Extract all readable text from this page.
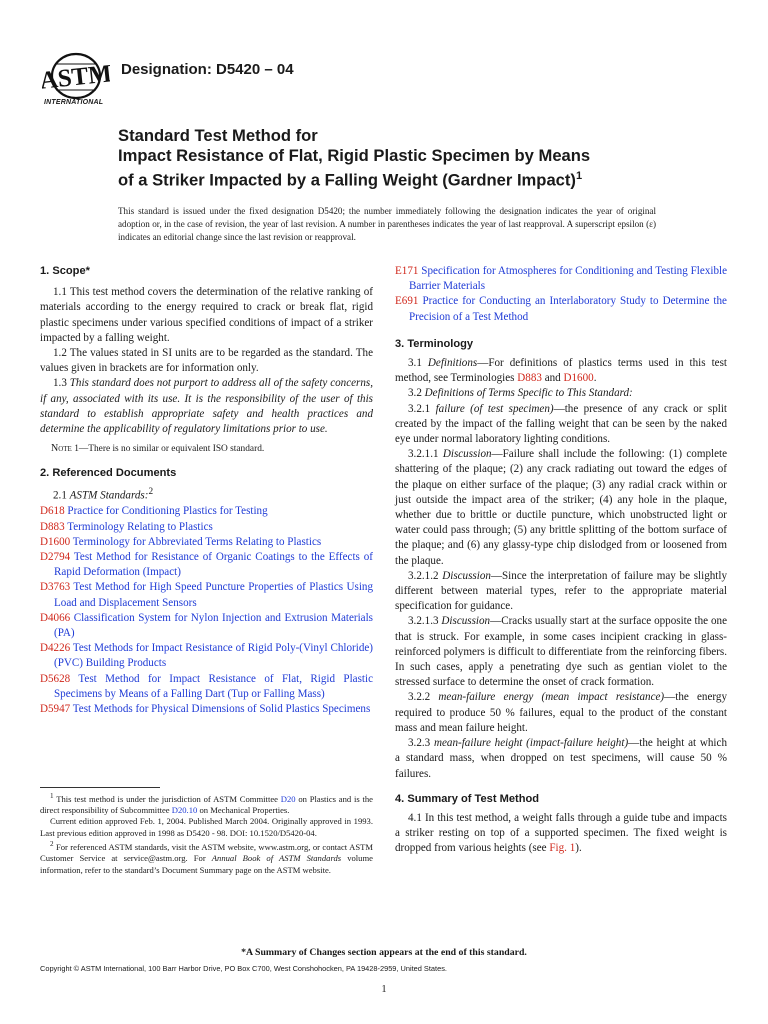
ASTM
INTERNATIONAL
Designation: D5420 – 04
Standard Test Method for
Impact Resistance of Flat, Rigid Plastic Specimen by Means
of a Striker Impacted by a Falling Weight (Gardner Impact)$^1$
This standard is issued under the fixed designation D5420; the number immediately following the designation indicates the year of original adoption or, in the case of revision, the year of last revision. A number in parentheses indicates the year of last reapproval. A superscript epsilon (ε) indicates an editorial change since the last revision or reapproval.
1. Scope*
1.1 This test method covers the determination of the relative ranking of materials according to the energy required to crack or break flat, rigid plastic specimens under various specified conditions of impact of a striker impacted by a falling weight.
1.2 The values stated in SI units are to be regarded as the standard. The values given in brackets are for information only.
1.3 This standard does not purport to address all of the safety concerns, if any, associated with its use. It is the responsibility of the user of this standard to establish appropriate safety and health practices and determine the applicability of regulatory limitations prior to use.
Note 1—There is no similar or equivalent ISO standard.
2. Referenced Documents
2.1 ASTM Standards:$^2$
D618 Practice for Conditioning Plastics for Testing
D883 Terminology Relating to Plastics
D1600 Terminology for Abbreviated Terms Relating to Plastics
D2794 Test Method for Resistance of Organic Coatings to the Effects of Rapid Deformation (Impact)
D3763 Test Method for High Speed Puncture Properties of Plastics Using Load and Displacement Sensors
D4066 Classification System for Nylon Injection and Extrusion Materials (PA)
D4226 Test Methods for Impact Resistance of Rigid Poly-(Vinyl Chloride) (PVC) Building Products
D5628 Test Method for Impact Resistance of Flat, Rigid Plastic Specimens by Means of a Falling Dart (Tup or Falling Mass)
D5947 Test Methods for Physical Dimensions of Solid Plastics Specimens
$^1$ This test method is under the jurisdiction of ASTM Committee D20 on Plastics and is the direct responsibility of Subcommittee D20.10 on Mechanical Properties.
Current edition approved Feb. 1, 2004. Published March 2004. Originally approved in 1993. Last previous edition approved in 1998 as D5420 - 98. DOI: 10.1520/D5420-04.
$^2$ For referenced ASTM standards, visit the ASTM website, www.astm.org, or contact ASTM Customer Service at service@astm.org. For Annual Book of ASTM Standards volume information, refer to the standard’s Document Summary page on the ASTM website.
E171 Specification for Atmospheres for Conditioning and Testing Flexible Barrier Materials
E691 Practice for Conducting an Interlaboratory Study to Determine the Precision of a Test Method
3. Terminology
3.1 Definitions—For definitions of plastics terms used in this test method, see Terminologies D883 and D1600.
3.2 Definitions of Terms Specific to This Standard:
3.2.1 failure (of test specimen)—the presence of any crack or split created by the impact of the falling weight that can be seen by the naked eye under normal laboratory lighting conditions.
3.2.1.1 Discussion—Failure shall include the following: (1) complete shattering of the plaque; (2) any crack radiating out toward the edges of the plaque on either surface of the plaque; (3) any radial crack within or just outside the impact area of the striker; (4) any hole in the plaque, whether due to brittle or ductile puncture, which unobstructed light or water could pass through; (5) any brittle splitting of the bottom surface of the plaque; and (6) any glassy-type chip dislodged from or loosened from the plaque.
3.2.1.2 Discussion—Since the interpretation of failure may be slightly different between material types, refer to the appropriate material specification for guidance.
3.2.1.3 Discussion—Cracks usually start at the surface opposite the one that is struck. For example, in some cases incipient cracking in glass-reinforced polymers is difficult to differentiate from the reinforcing fibers. In such cases, apply a penetrating dye such as gentian violet to the stressed surface to determine the onset of crack formation.
3.2.2 mean-failure energy (mean impact resistance)—the energy required to produce 50 % failures, equal to the product of the constant mass and mean failure height.
3.2.3 mean-failure height (impact-failure height)—the height at which a standard mass, when dropped on test specimens, will cause 50 % failures.
4. Summary of Test Method
4.1 In this test method, a weight falls through a guide tube and impacts a striker resting on top of a supported specimen. The fixed weight is dropped from various heights (see Fig. 1).
*A Summary of Changes section appears at the end of this standard.
Copyright © ASTM International, 100 Barr Harbor Drive, PO Box C700, West Conshohocken, PA 19428-2959, United States.
1
